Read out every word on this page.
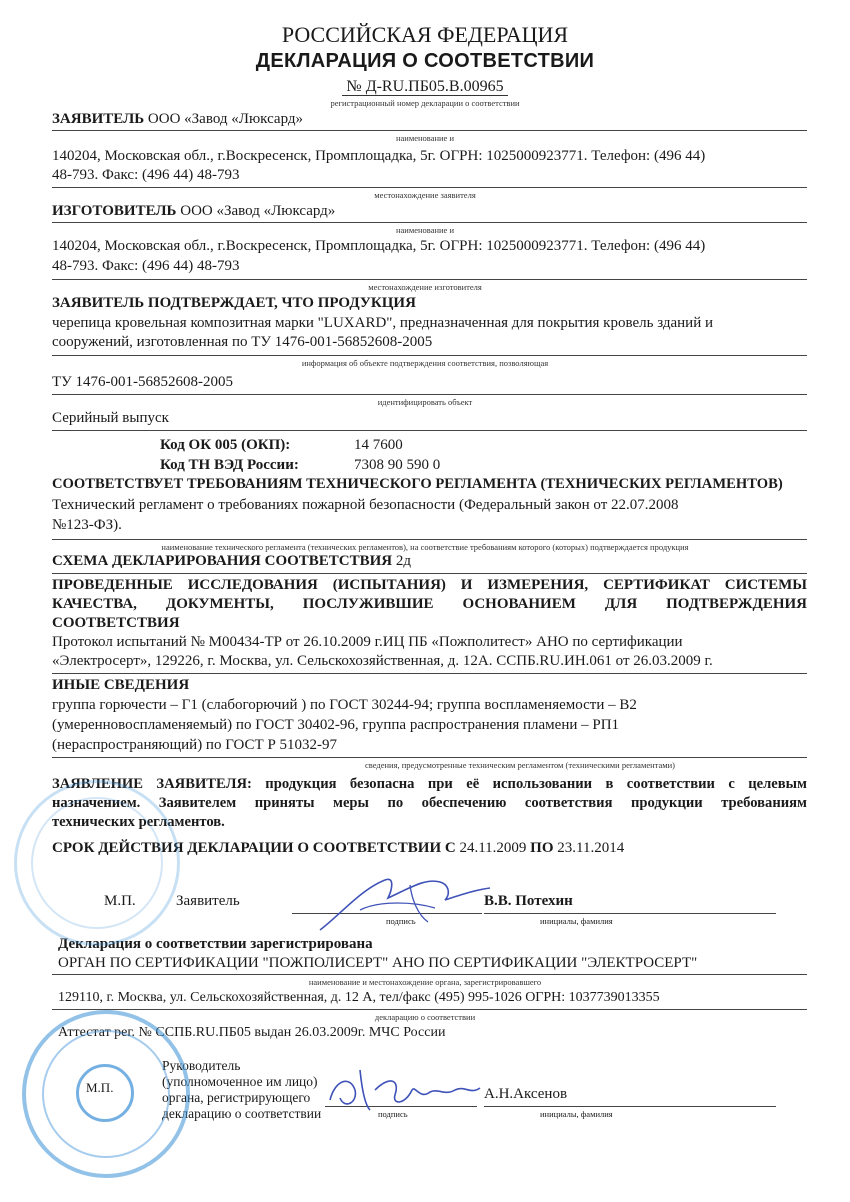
РОССИЙСКАЯ ФЕДЕРАЦИЯ
ДЕКЛАРАЦИЯ О СООТВЕТСТВИИ
№ Д-RU.ПБ05.В.00965
регистрационный номер декларации о соответствии
ЗАЯВИТЕЛЬ ООО «Завод «Люксард»
наименование и
140204, Московская обл., г.Воскресенск, Промплощадка, 5г. ОГРН: 1025000923771. Телефон: (496 44)
48-793. Факс: (496 44) 48-793
местонахождение заявителя
ИЗГОТОВИТЕЛЬ ООО «Завод «Люксард»
наименование и
140204, Московская обл., г.Воскресенск, Промплощадка, 5г. ОГРН: 1025000923771. Телефон: (496 44)
48-793. Факс: (496 44) 48-793
местонахождение изготовителя
ЗАЯВИТЕЛЬ ПОДТВЕРЖДАЕТ, ЧТО ПРОДУКЦИЯ
черепица кровельная композитная марки "LUXARD", предназначенная для покрытия кровель зданий и
сооружений, изготовленная по ТУ 1476-001-56852608-2005
информация об объекте подтверждения соответствия, позволяющая
ТУ 1476-001-56852608-2005
идентифицировать объект
Серийный выпуск
Код ОК 005 (ОКП):	14 7600
Код ТН ВЭД России:	7308 90 590 0
СООТВЕТСТВУЕТ ТРЕБОВАНИЯМ ТЕХНИЧЕСКОГО РЕГЛАМЕНТА (ТЕХНИЧЕСКИХ РЕГЛАМЕНТОВ)
Технический регламент о требованиях пожарной безопасности (Федеральный закон от 22.07.2008
№123-ФЗ).
наименование технического регламента (технических регламентов), на соответствие требованиям которого (которых) подтверждается продукция
СХЕМА ДЕКЛАРИРОВАНИЯ СООТВЕТСТВИЯ 2д
ПРОВЕДЕННЫЕ ИССЛЕДОВАНИЯ (ИСПЫТАНИЯ) И ИЗМЕРЕНИЯ, СЕРТИФИКАТ СИСТЕМЫ
КАЧЕСТВА, ДОКУМЕНТЫ, ПОСЛУЖИВШИЕ ОСНОВАНИЕМ ДЛЯ ПОДТВЕРЖДЕНИЯ
СООТВЕТСТВИЯ
Протокол испытаний № М00434-ТР от 26.10.2009 г.ИЦ ПБ «Пожполитест» АНО по сертификации
«Электросерт», 129226, г. Москва, ул. Сельскохозяйственная, д. 12А. ССПБ.RU.ИН.061 от 26.03.2009 г.
ИНЫЕ СВЕДЕНИЯ
группа горючести – Г1 (слабогорючий ) по ГОСТ 30244-94; группа воспламеняемости – В2
(умеренновоспламеняемый) по ГОСТ 30402-96, группа распространения пламени – РП1
(нераспространяющий) по ГОСТ Р 51032-97
сведения, предусмотренные техническим регламентом (техническими регламентами)
ЗАЯВЛЕНИЕ ЗАЯВИТЕЛЯ: продукция безопасна при её использовании в соответствии с целевым
назначением. Заявителем приняты меры по обеспечению соответствия продукции требованиям
технических регламентов.
СРОК ДЕЙСТВИЯ ДЕКЛАРАЦИИ О СООТВЕТСТВИИ С 24.11.2009 ПО 23.11.2014
М.П.	Заявитель	В.В. Потехин
подпись	инициалы, фамилия
Декларация о соответствии зарегистрирована
ОРГАН ПО СЕРТИФИКАЦИИ "ПОЖПОЛИСЕРТ" АНО ПО СЕРТИФИКАЦИИ "ЭЛЕКТРОСЕРТ"
наименование и местонахождение органа, зарегистрировавшего
129110, г. Москва, ул. Сельскохозяйственная, д. 12 А, тел/факс (495) 995-1026 ОГРН: 1037739013355
декларацию о соответствии
Аттестат рег. № ССПБ.RU.ПБ05 выдан 26.03.2009г. МЧС России
Руководитель
(уполномоченное им лицо)
органа, регистрирующего
декларацию о соответствии
А.Н.Аксенов
подпись	инициалы, фамилия
М.П.
